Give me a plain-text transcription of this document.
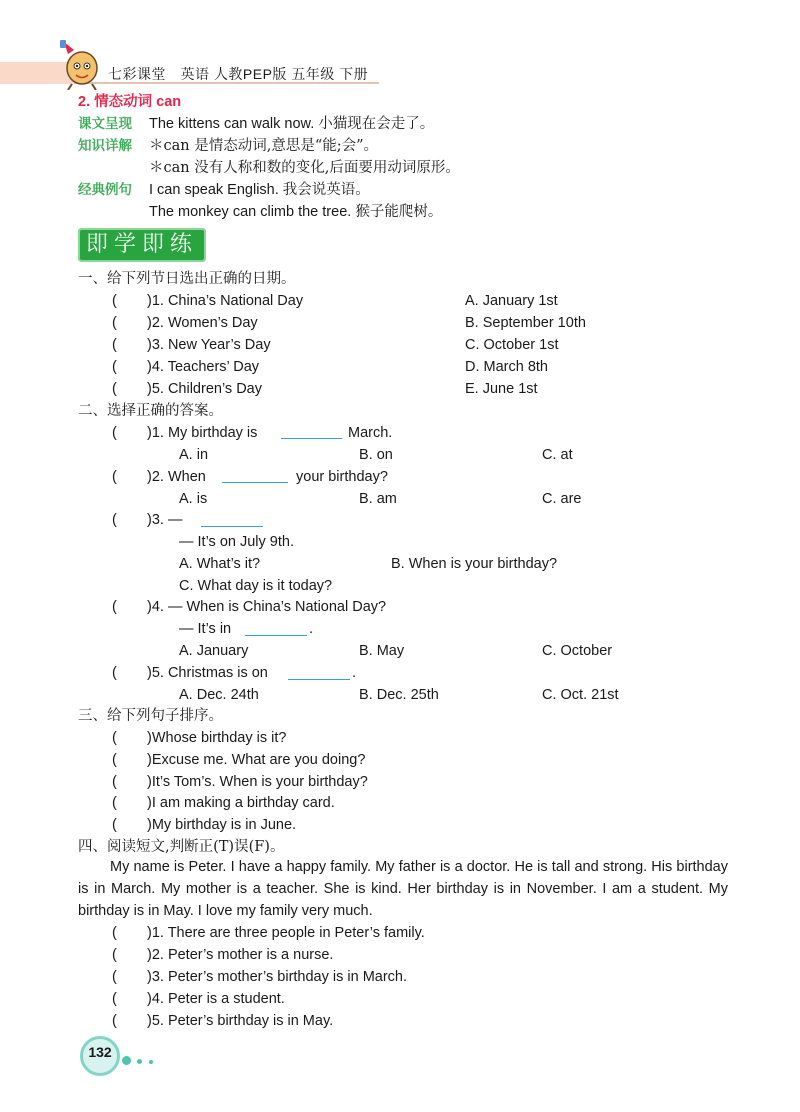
七彩课堂　英语 人教PEP版 五年级 下册
2. 情态动词 can
课文呈现 The kittens can walk now. 小猫现在会走了。
知识详解 ＊can 是情态动词,意思是“能;会”。
＊can 没有人称和数的变化,后面要用动词原形。
经典例句 I can speak English. 我会说英语。
The monkey can climb the tree. 猴子能爬树。
即学即练
一、给下列节日选出正确的日期。
( )1. China’s National Day	A. January 1st
( )2. Women’s Day	B. September 10th
( )3. New Year’s Day	C. October 1st
( )4. Teachers’ Day	D. March 8th
( )5. Children’s Day	E. June 1st
二、选择正确的答案。
( )1. My birthday is	March.
A. in	B. on	C. at
( )2. When	your birthday?
A. is	B. am	C. are
( )3. —
— It’s on July 9th.
A. What’s it?	B. When is your birthday?
C. What day is it today?
( )4. — When is China’s National Day?
— It’s in	.
A. January	B. May	C. October
( )5. Christmas is on	.
A. Dec. 24th	B. Dec. 25th	C. Oct. 21st
三、给下列句子排序。
( )Whose birthday is it?
( )Excuse me. What are you doing?
( )It’s Tom’s. When is your birthday?
( )I am making a birthday card.
( )My birthday is in June.
四、阅读短文,判断正(T)误(F)。
My name is Peter. I have a happy family. My father is a doctor. He is tall and strong. His birthday is in March. My mother is a teacher. She is kind. Her birthday is in November. I am a student. My birthday is in May. I love my family very much.
( )1. There are three people in Peter’s family.
( )2. Peter’s mother is a nurse.
( )3. Peter’s mother’s birthday is in March.
( )4. Peter is a student.
( )5. Peter’s birthday is in May.
132
